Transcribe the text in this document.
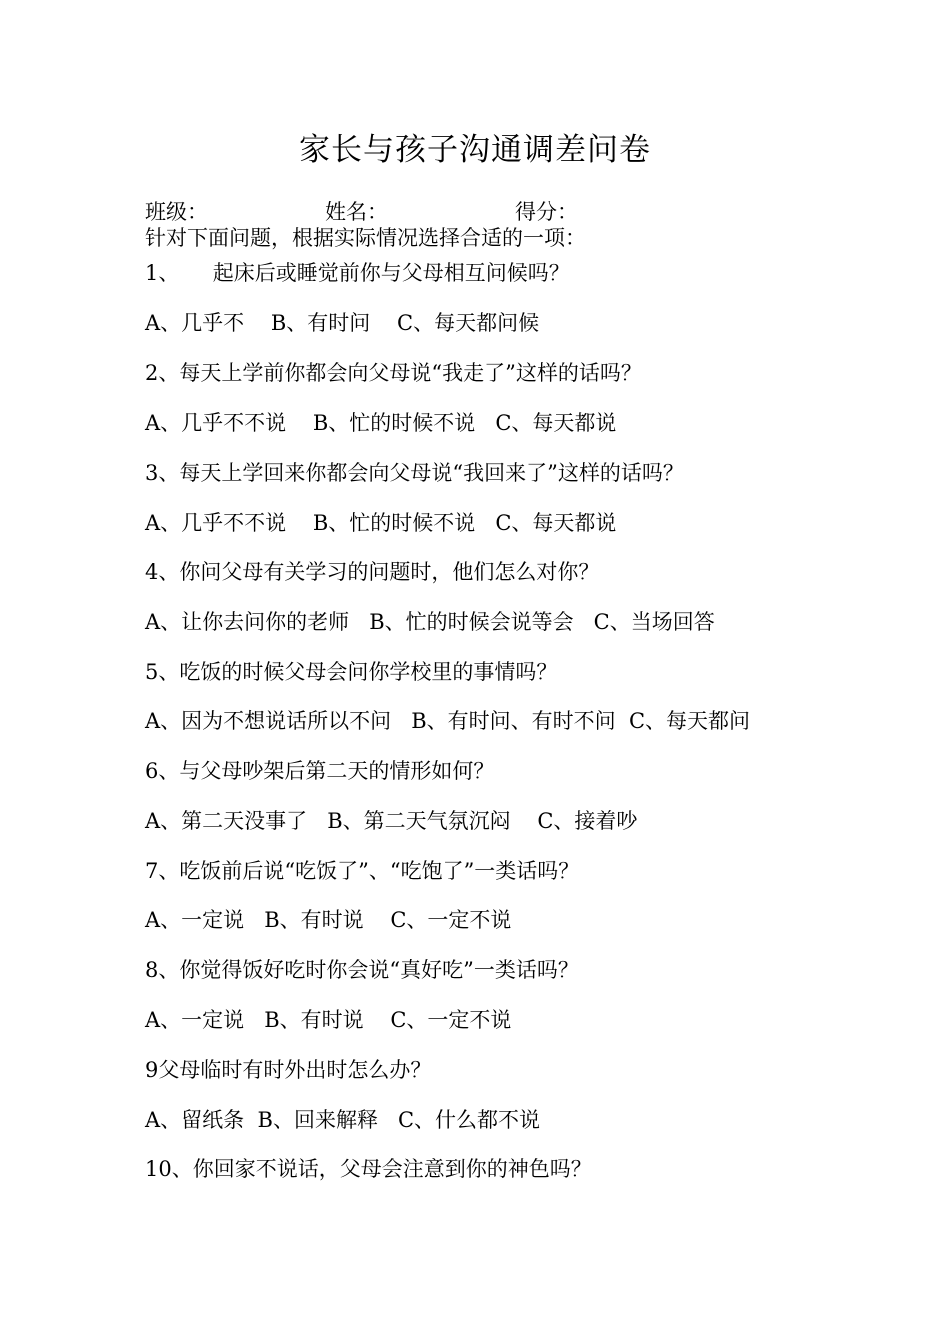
家长与孩子沟通调差问卷
班级：	姓名：	得分：
针对下面问题，根据实际情况选择合适的一项：
1、     起床后或睡觉前你与父母相互问候吗？
A、几乎不    B、有时问    C、每天都问候
2、每天上学前你都会向父母说“我走了”这样的话吗？
A、几乎不不说    B、忙的时候不说   C、每天都说
3、每天上学回来你都会向父母说“我回来了”这样的话吗？
A、几乎不不说    B、忙的时候不说   C、每天都说
4、你问父母有关学习的问题时，他们怎么对你？
A、让你去问你的老师   B、忙的时候会说等会   C、当场回答
5、吃饭的时候父母会问你学校里的事情吗？
A、因为不想说话所以不问   B、有时问、有时不问  C、每天都问
6、与父母吵架后第二天的情形如何？
A、第二天没事了   B、第二天气氛沉闷    C、接着吵
7、吃饭前后说“吃饭了”、“吃饱了”一类话吗？
A、一定说   B、有时说    C、一定不说
8、你觉得饭好吃时你会说“真好吃”一类话吗？
A、一定说   B、有时说    C、一定不说
9父母临时有时外出时怎么办？
A、留纸条  B、回来解释   C、什么都不说
10、你回家不说话，父母会注意到你的神色吗？
